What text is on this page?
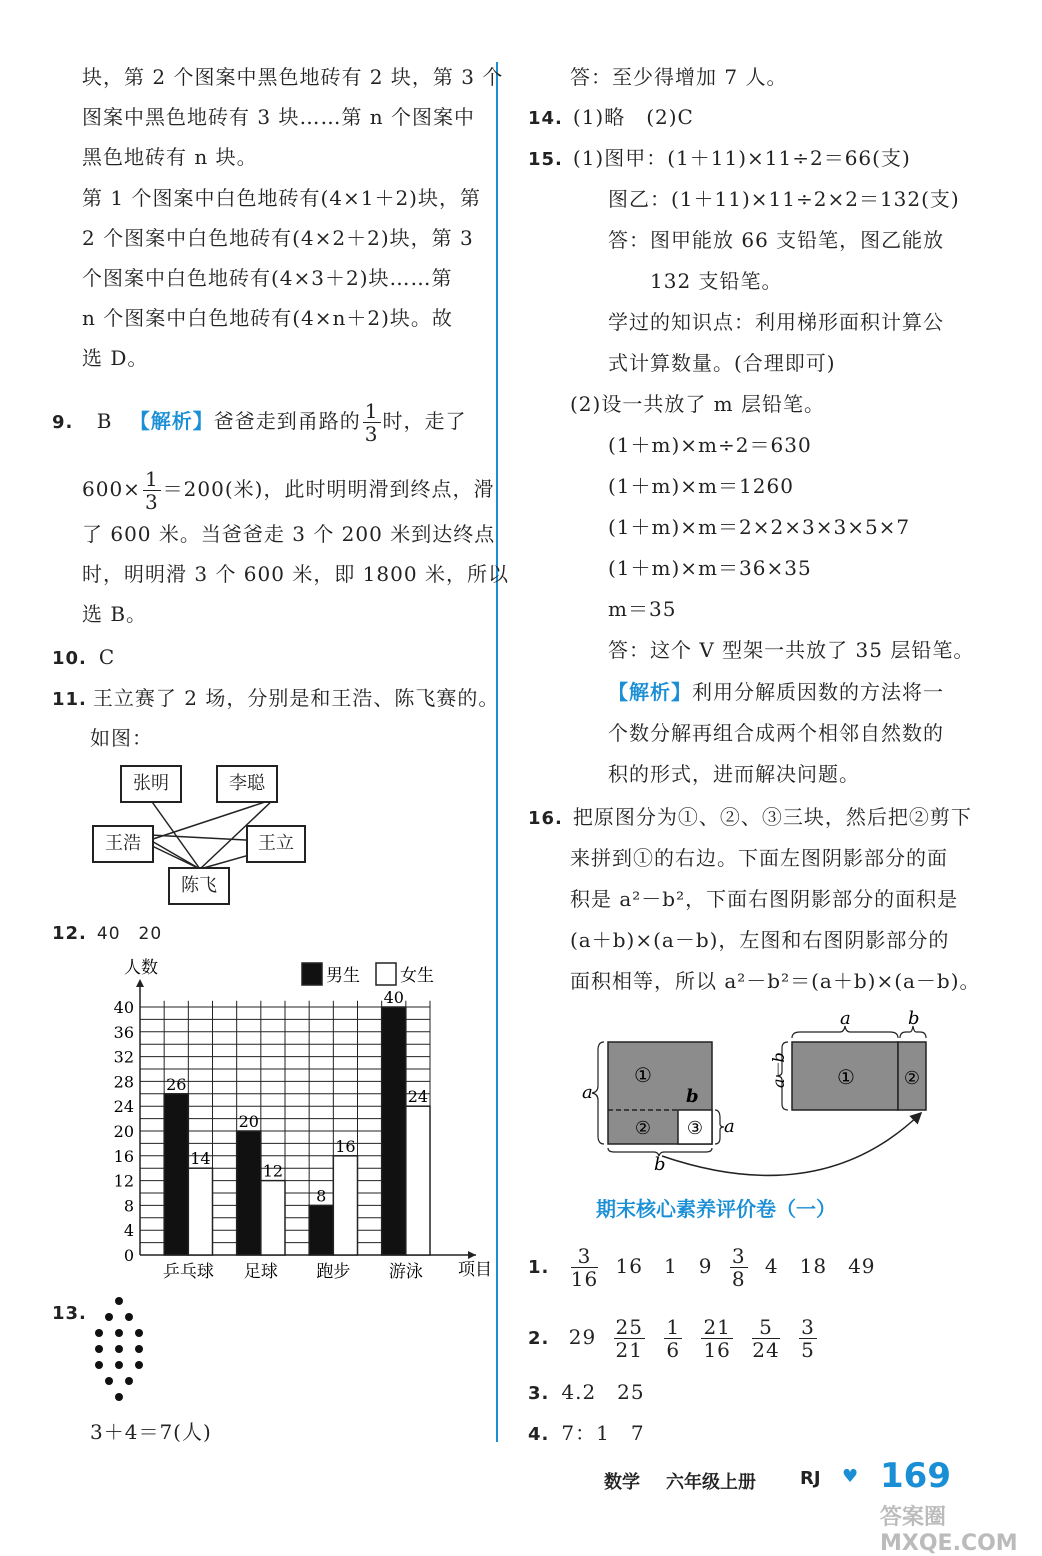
块，第 2 个图案中黑色地砖有 2 块，第 3 个
图案中黑色地砖有 3 块……第 n 个图案中
黑色地砖有 n 块。
第 1 个图案中白色地砖有(4×1＋2)块，第
2 个图案中白色地砖有(4×2＋2)块，第 3
个图案中白色地砖有(4×3＋2)块……第
n 个图案中白色地砖有(4×n＋2)块。故
选 D。
9. B 【解析】爸爸走到甬路的 $\frac{1}{3}$ 时，走了
$600\times \frac{1}{3} =200$(米)，此时明明滑到终点，滑
了 600 米。当爸爸走 3 个 200 米到达终点
时，明明滑 3 个 600 米，即 1800 米，所以
选 B。
10. C
11. 王立赛了 2 场，分别是和王浩、陈飞赛的。
如图：
张明	李聪
王浩	王立
陈飞
12. 40　20
0
4
8
12
16
20
24
28
32
36
40
人数
项目
男生 女生
26
14
乒乓球
20
12
足球
8
16
跑步
40
24
游泳
13.
3＋4＝7(人)
答：至少得增加 7 人。
14. (1)略　(2)C
15. (1)图甲：(1＋11)×11÷2＝66(支)
图乙：(1＋11)×11÷2×2＝132(支)
答：图甲能放 66 支铅笔，图乙能放
132 支铅笔。
学过的知识点：利用梯形面积计算公
式计算数量。(合理即可)
(2)设一共放了 m 层铅笔。
(1＋m)×m÷2＝630
(1＋m)×m＝1260
(1＋m)×m＝2×2×3×3×5×7
(1＋m)×m＝36×35
m＝35
答：这个 V 型架一共放了 35 层铅笔。
【解析】利用分解质因数的方法将一
个数分解再组合成两个相邻自然数的
积的形式，进而解决问题。
16. 把原图分为①、②、③三块，然后把②剪下
来拼到①的右边。下面左图阴影部分的面
积是 a²－b²，下面右图阴影部分的面积是
(a＋b)×(a－b)，左图和右图阴影部分的
面积相等，所以 a²－b²＝(a＋b)×(a－b)。
①
② ③
a	b
a
b
①	②
a	b
a－b
期末核心素养评价卷（一）
1. $\frac{3}{16} 16$　1　$9 \frac{3}{8} 4$　18　49
2. $29 \frac{25}{21}$
$\frac{1}{6}$
$\frac{21}{16}$
$\frac{5}{24}$
$\frac{3}{5}$
3. 4.2　25
4. 7：1　7
数学 六年级上册 RJ ♥ 169
答案圈 MXQE.COM
